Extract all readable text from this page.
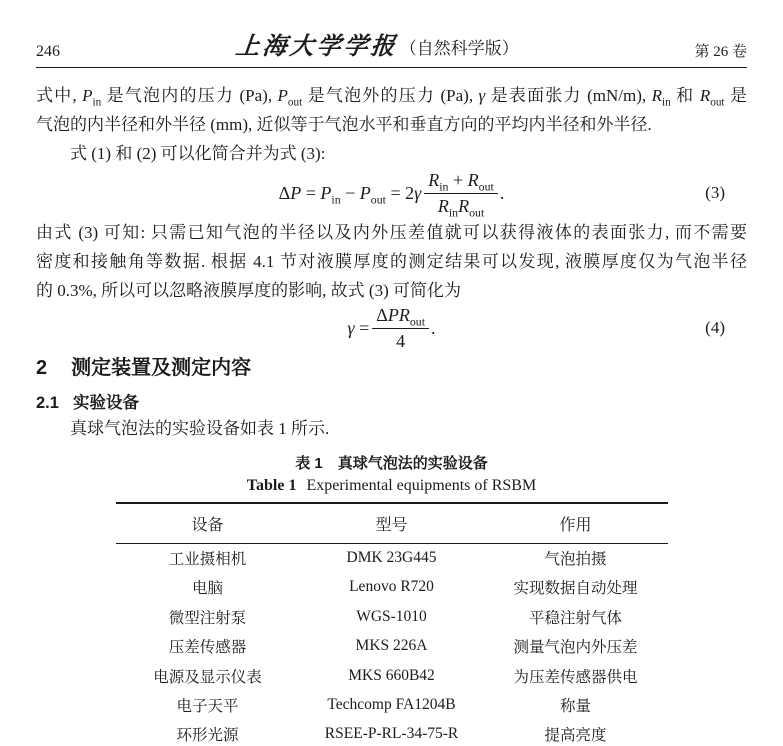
246	上海大学学报（自然科学版）	第 26 卷

式中, $P_{in}$ 是气泡内的压力 (Pa), $P_{out}$ 是气泡外的压力 (Pa), γ 是表面张力 (mN/m), $R_{in}$ 和 $R_{out}$ 是

气泡的内半径和外半径 (mm), 近似等于气泡水平和垂直方向的平均内半径和外半径.

式 (1) 和 (2) 可以化简合并为式 (3):

$\Delta P = P_{in} - P_{out} = 2\gamma \frac{R_{in} + R_{out}}{R_{in}R_{out}}$ .	(3)

由式 (3) 可知: 只需已知气泡的半径以及内外压差值就可以获得液体的表面张力, 而不需要

密度和接触角等数据. 根据 4.1 节对液膜厚度的测定结果可以发现, 液膜厚度仅为气泡半径

的 0.3%, 所以可以忽略液膜厚度的影响, 故式 (3) 可简化为

$\gamma = \frac{\Delta PR_{out}}{4}$ .	(4)
2 测定装置及测定内容
2.1 实验设备

真球气泡法的实验设备如表 1 所示.

表 1　真球气泡法的实验设备
Table 1 Experimental equipments of RSBM
设备	型号	作用
工业摄相机	DMK 23G445	气泡拍摄
电脑	Lenovo R720	实现数据自动处理
微型注射泵	WGS-1010	平稳注射气体
压差传感器	MKS 226A	测量气泡内外压差
电源及显示仪表	MKS 660B42	为压差传感器供电
电子天平	Techcomp FA1204B	称量
环形光源	RSEE-P-RL-34-75-R	提高亮度
